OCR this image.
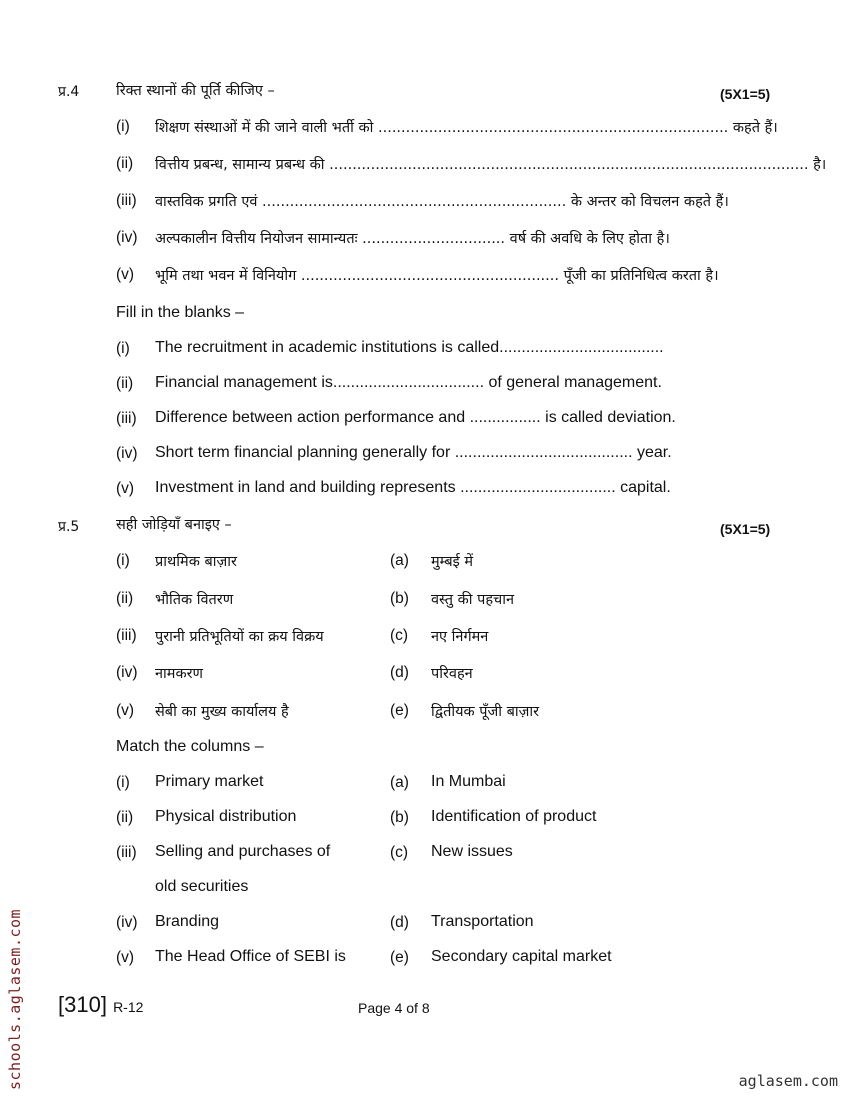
प्र.4	रिक्त स्थानों की पूर्ति कीजिए –	(5X1=5)
(i) शिक्षण संस्थाओं में की जाने वाली भर्ती को ............................................................................ कहते हैं।
(ii) वित्तीय प्रबन्ध, सामान्य प्रबन्ध की ........................................................................................................ है।
(iii) वास्तविक प्रगति एवं .................................................................. के अन्तर को विचलन कहते हैं।
(iv) अल्पकालीन वित्तीय नियोजन सामान्यतः ............................... वर्ष की अवधि के लिए होता है।
(v) भूमि तथा भवन में विनियोग ........................................................ पूँजी का प्रतिनिधित्व करता है।
Fill in the blanks –
(i) The recruitment in academic institutions is called.....................................
(ii) Financial management is.................................. of general management.
(iii) Difference between action performance and ................ is called deviation.
(iv) Short term financial planning generally for ........................................ year.
(v) Investment in land and building represents ................................... capital.
प्र.5	सही जोड़ियाँ बनाइए –	(5X1=5)
(i) प्राथमिक बाज़ार	(a) मुम्बई में
(ii) भौतिक वितरण	(b) वस्तु की पहचान
(iii) पुरानी प्रतिभूतियों का क्रय विक्रय	(c) नए निर्गमन
(iv) नामकरण	(d) परिवहन
(v) सेबी का मुख्य कार्यालय है	(e) द्वितीयक पूँजी बाज़ार
Match the columns –
(i) Primary market	(a) In Mumbai
(ii) Physical distribution	(b) Identification of product
(iii) Selling and purchases of	(c) New issues
old securities
(iv) Branding	(d) Transportation
(v) The Head Office of SEBI is	(e) Secondary capital market
[310] R-12	Page 4 of 8
schools.aglasem.com	aglasem.com
